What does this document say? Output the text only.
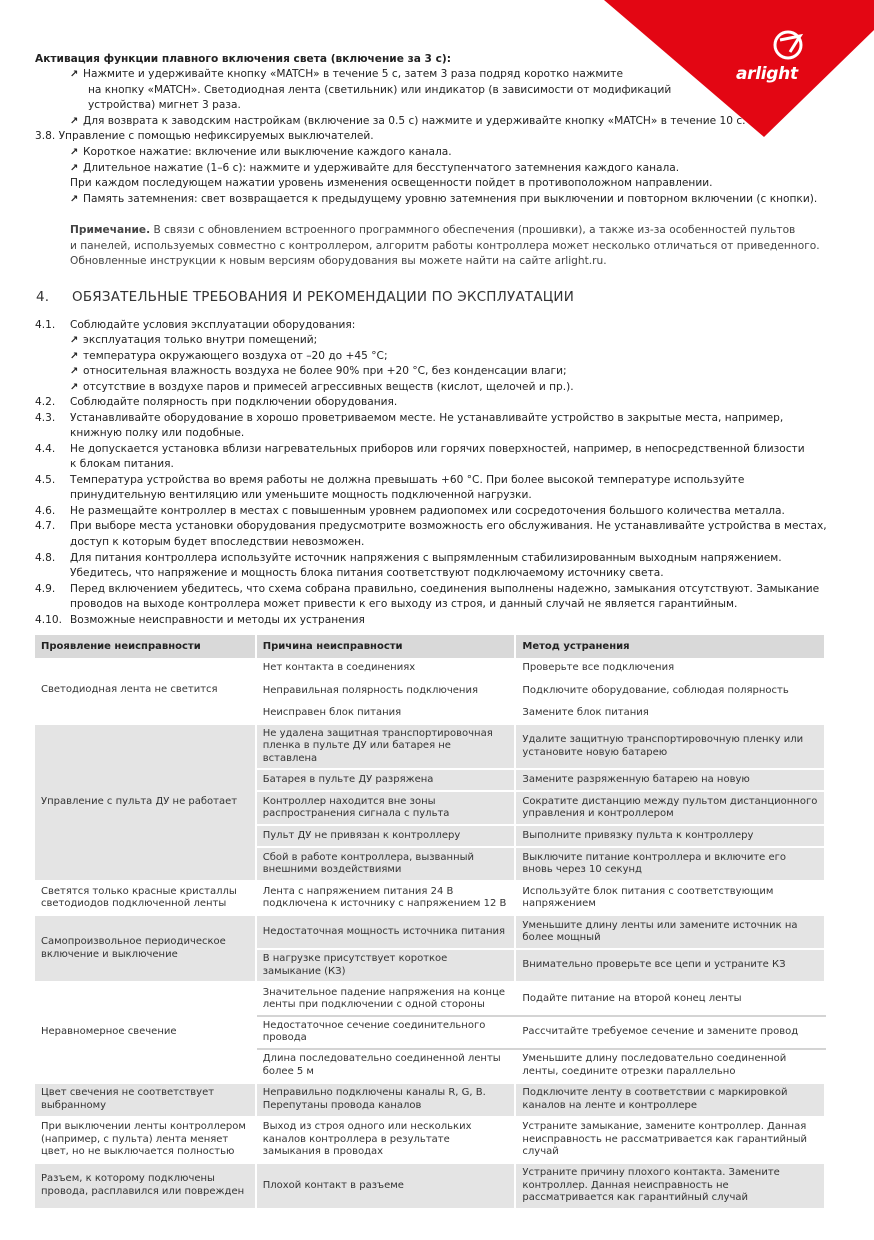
arlight
Активация функции плавного включения света (включение за 3 с):
↗ Нажмите и удерживайте кнопку «MATCH» в течение 5 с, затем 3 раза подряд коротко нажмите
на кнопку «MATCH». Светодиодная лента (светильник) или индикатор (в зависимости от модификаций
устройства) мигнет 3 раза.
↗ Для возврата к заводским настройкам (включение за 0.5 с) нажмите и удерживайте кнопку «MATCH» в течение 10 с.
3.8. Управление с помощью нефиксируемых выключателей.
↗ Короткое нажатие: включение или выключение каждого канала.
↗ Длительное нажатие (1–6 с): нажмите и удерживайте для бесступенчатого затемнения каждого канала.
При каждом последующем нажатии уровень изменения освещенности пойдет в противоположном направлении.
↗ Память затемнения: свет возвращается к предыдущему уровню затемнения при выключении и повторном включении (с кнопки).
Примечание. В связи с обновлением встроенного программного обеспечения (прошивки), а также из-за особенностей пультов
и панелей, используемых совместно с контроллером, алгоритм работы контроллера может несколько отличаться от приведенного.
Обновленные инструкции к новым версиям оборудования вы можете найти на сайте arlight.ru.
4. ОБЯЗАТЕЛЬНЫЕ ТРЕБОВАНИЯ И РЕКОМЕНДАЦИИ ПО ЭКСПЛУАТАЦИИ
4.1. Соблюдайте условия эксплуатации оборудования:
↗ эксплуатация только внутри помещений;
↗ температура окружающего воздуха от –20 до +45 °C;
↗ относительная влажность воздуха не более 90% при +20 °C, без конденсации влаги;
↗ отсутствие в воздухе паров и примесей агрессивных веществ (кислот, щелочей и пр.).
4.2. Соблюдайте полярность при подключении оборудования.
4.3. Устанавливайте оборудование в хорошо проветриваемом месте. Не устанавливайте устройство в закрытые места, например,
книжную полку или подобные.
4.4. Не допускается установка вблизи нагревательных приборов или горячих поверхностей, например, в непосредственной близости
к блокам питания.
4.5. Температура устройства во время работы не должна превышать +60 °C. При более высокой температуре используйте
принудительную вентиляцию или уменьшите мощность подключенной нагрузки.
4.6. Не размещайте контроллер в местах с повышенным уровнем радиопомех или сосредоточения большого количества металла.
4.7. При выборе места установки оборудования предусмотрите возможность его обслуживания. Не устанавливайте устройства в местах,
доступ к которым будет впоследствии невозможен.
4.8. Для питания контроллера используйте источник напряжения с выпрямленным стабилизированным выходным напряжением.
Убедитесь, что напряжение и мощность блока питания соответствуют подключаемому источнику света.
4.9. Перед включением убедитесь, что схема собрана правильно, соединения выполнены надежно, замыкания отсутствуют. Замыкание
проводов на выходе контроллера может привести к его выходу из строя, и данный случай не является гарантийным.
4.10. Возможные неисправности и методы их устранения
Проявление неисправности	Причина неисправности	Метод устранения
Светодиодная лента не светится	Нет контакта в соединениях	Проверьте все подключения
	Неправильная полярность подключения	Подключите оборудование, соблюдая полярность
	Неисправен блок питания	Замените блок питания
Управление с пульта ДУ не работает	Не удалена защитная транспортировочная пленка в пульте ДУ или батарея не вставлена	Удалите защитную транспортировочную пленку или установите новую батарею
	Батарея в пульте ДУ разряжена	Замените разряженную батарею на новую
	Контроллер находится вне зоны распространения сигнала с пульта	Сократите дистанцию между пультом дистанционного управления и контроллером
	Пульт ДУ не привязан к контроллеру	Выполните привязку пульта к контроллеру
	Сбой в работе контроллера, вызванный внешними воздействиями	Выключите питание контроллера и включите его вновь через 10 секунд
Светятся только красные кристаллы светодиодов подключенной ленты	Лента с напряжением питания 24 В подключена к источнику с напряжением 12 В	Используйте блок питания с соответствующим напряжением
Самопроизвольное периодическое включение и выключение	Недостаточная мощность источника питания	Уменьшите длину ленты или замените источник на более мощный
	В нагрузке присутствует короткое замыкание (КЗ)	Внимательно проверьте все цепи и устраните КЗ
Неравномерное свечение	Значительное падение напряжения на конце ленты при подключении с одной стороны	Подайте питание на второй конец ленты
	Недостаточное сечение соединительного провода	Рассчитайте требуемое сечение и замените провод
	Длина последовательно соединенной ленты более 5 м	Уменьшите длину последовательно соединенной ленты, соедините отрезки параллельно
Цвет свечения не соответствует выбранному	Неправильно подключены каналы R, G, B. Перепутаны провода каналов	Подключите ленту в соответствии с маркировкой каналов на ленте и контроллере
При выключении ленты контроллером (например, с пульта) лента меняет цвет, но не выключается полностью	Выход из строя одного или нескольких каналов контроллера в результате замыкания в проводах	Устраните замыкание, замените контроллер. Данная неисправность не рассматривается как гарантийный случай
Разъем, к которому подключены провода, расплавился или поврежден	Плохой контакт в разъеме	Устраните причину плохого контакта. Замените контроллер. Данная неисправность не рассматривается как гарантийный случай
